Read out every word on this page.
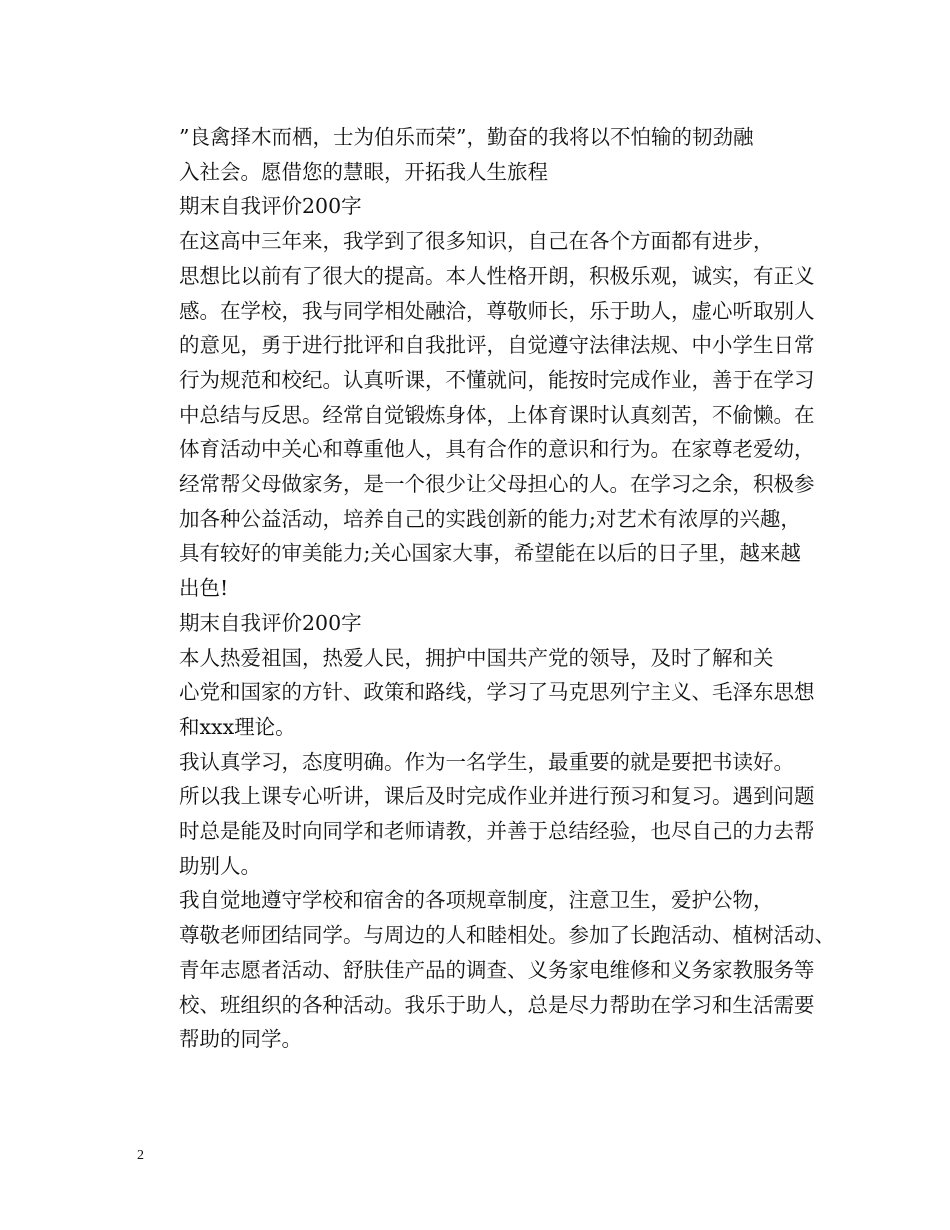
”良禽择木而栖，士为伯乐而荣”，勤奋的我将以不怕输的韧劲融
入社会。愿借您的慧眼，开拓我人生旅程

期末自我评价200字

在这高中三年来，我学到了很多知识，自己在各个方面都有进步，
思想比以前有了很大的提高。本人性格开朗，积极乐观，诚实，有正义
感。在学校，我与同学相处融洽，尊敬师长，乐于助人，虚心听取别人
的意见，勇于进行批评和自我批评，自觉遵守法律法规、中小学生日常
行为规范和校纪。认真听课，不懂就问，能按时完成作业，善于在学习
中总结与反思。经常自觉锻炼身体，上体育课时认真刻苦，不偷懒。在
体育活动中关心和尊重他人，具有合作的意识和行为。在家尊老爱幼，
经常帮父母做家务，是一个很少让父母担心的人。在学习之余，积极参
加各种公益活动，培养自己的实践创新的能力;对艺术有浓厚的兴趣，
具有较好的审美能力;关心国家大事，希望能在以后的日子里，越来越
出色!

期末自我评价200字

本人热爱祖国，热爱人民，拥护中国共产党的领导，及时了解和关
心党和国家的方针、政策和路线，学习了马克思列宁主义、毛泽东思想
和xxx理论。

我认真学习，态度明确。作为一名学生，最重要的就是要把书读好。
所以我上课专心听讲，课后及时完成作业并进行预习和复习。遇到问题
时总是能及时向同学和老师请教，并善于总结经验，也尽自己的力去帮
助别人。

我自觉地遵守学校和宿舍的各项规章制度，注意卫生，爱护公物，
尊敬老师团结同学。与周边的人和睦相处。参加了长跑活动、植树活动、
青年志愿者活动、舒肤佳产品的调查、义务家电维修和义务家教服务等
校、班组织的各种活动。我乐于助人，总是尽力帮助在学习和生活需要
帮助的同学。

2
